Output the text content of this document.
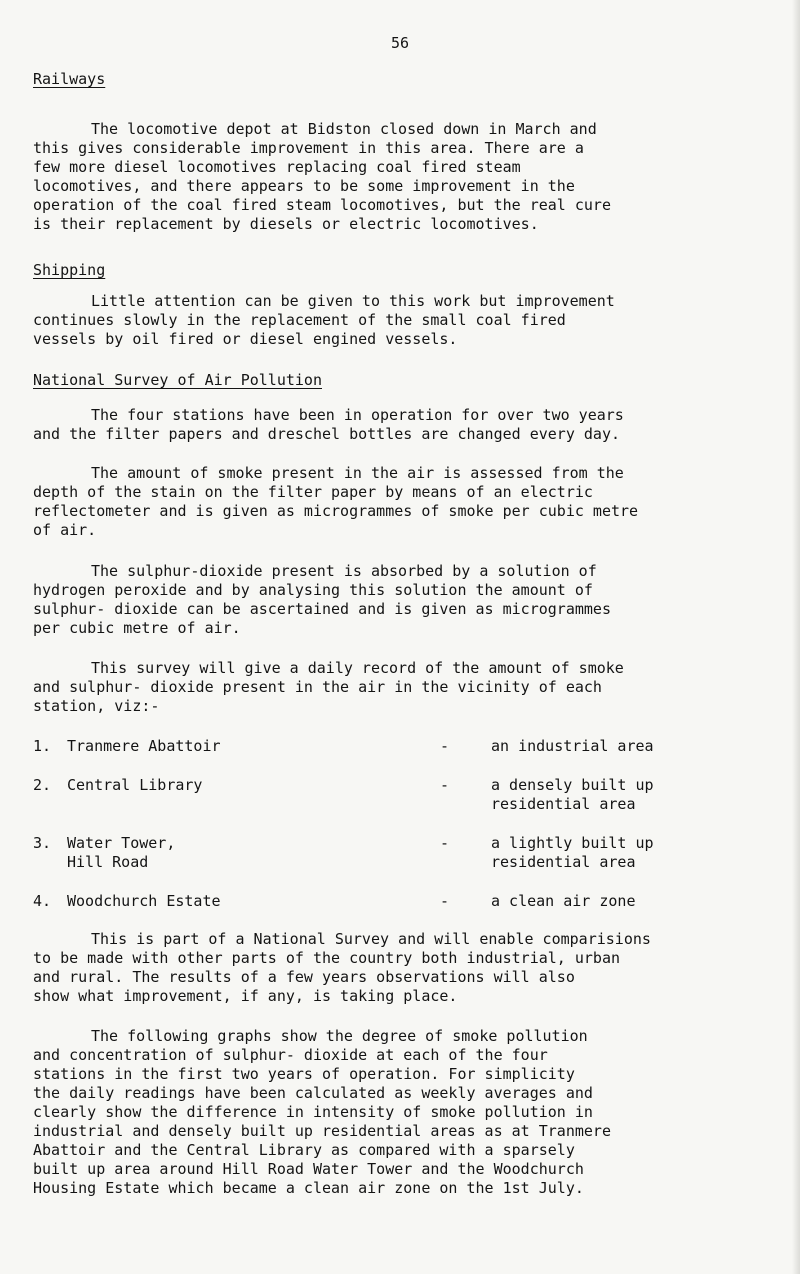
56
Railways
The locomotive depot at Bidston closed down in March and
this gives considerable improvement in this area. There are a
few more diesel locomotives replacing coal fired steam
locomotives, and there appears to be some improvement in the
operation of the coal fired steam locomotives, but the real cure
is their replacement by diesels or electric locomotives.
Shipping
Little attention can be given to this work but improvement
continues slowly in the replacement of the small coal fired
vessels by oil fired or diesel engined vessels.
National Survey of Air Pollution
The four stations have been in operation for over two years
and the filter papers and dreschel bottles are changed every day.
The amount of smoke present in the air is assessed from the
depth of the stain on the filter paper by means of an electric
reflectometer and is given as microgrammes of smoke per cubic metre
of air.
The sulphur-dioxide present is absorbed by a solution of
hydrogen peroxide and by analysing this solution the amount of
sulphur- dioxide can be ascertained and is given as microgrammes
per cubic metre of air.
This survey will give a daily record of the amount of smoke
and sulphur- dioxide present in the air in the vicinity of each
station, viz:-
1. Tranmere Abattoir	-	an industrial area
2. Central Library	-	a densely built up
residential area
3. Water Tower,
Hill Road
-	a lightly built up
residential area
4. Woodchurch Estate	-	a clean air zone
This is part of a National Survey and will enable comparisions
to be made with other parts of the country both industrial, urban
and rural. The results of a few years observations will also
show what improvement, if any, is taking place.
The following graphs show the degree of smoke pollution
and concentration of sulphur- dioxide at each of the four
stations in the first two years of operation. For simplicity
the daily readings have been calculated as weekly averages and
clearly show the difference in intensity of smoke pollution in
industrial and densely built up residential areas as at Tranmere
Abattoir and the Central Library as compared with a sparsely
built up area around Hill Road Water Tower and the Woodchurch
Housing Estate which became a clean air zone on the 1st July.
